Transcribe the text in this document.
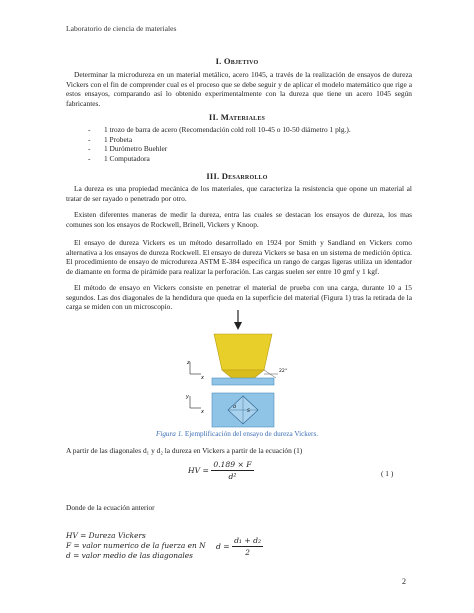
Laboratorio de ciencia de materiales
I. Objetivo

Determinar la microdureza en un material metálico, acero 1045, a través de la realización de ensayos de dureza Vickers con el fin de comprender cual es el proceso que se debe seguir y de aplicar el modelo matemático que rige a estos ensayos, comparando así lo obtenido experimentalmente con la dureza que tiene un acero 1045 según fabricantes.

II. Materiales
- 1 trozo de barra de acero (Recomendación cold roll 10-45 o 10-50 diámetro 1 plg.).
- 1 Probeta
- 1 Durómetro Buehler
- 1 Computadora
III. Desarrollo

La dureza es una propiedad mecánica de los materiales, que caracteriza la resistencia que opone un material al tratar de ser rayado o penetrado por otro.

Existen diferentes maneras de medir la dureza, entra las cuales se destacan los ensayos de dureza, los mas comunes son los ensayos de Rockwell, Brinell, Vickers y Knoop.

El ensayo de dureza Vickers es un método desarrollado en 1924 por Smith y Sandland en Vickers como alternativa a los ensayos de dureza Rockwell. El ensayo de dureza Vickers se basa en un sistema de medición óptica. El procedimiento de ensayo de microdureza ASTM E-384 especifica un rango de cargas ligeras utiliza un identador de diamante en forma de pirámide para realizar la perforación. Las cargas suelen ser entre 10 gmf y 1 kgf.

El método de ensayo en Vickers consiste en penetrar el material de prueba con una carga, durante 10 a 15 segundos. Las dos diagonales de la hendidura que queda en la superficie del material (Figura 1) tras la retirada de la carga se miden con un microscopio.

z
x
22°
y
x
d
S
Figura 1. Ejemplificación del ensayo de dureza Vickers.
A partir de las diagonales d₁ y d₂ la dureza en Vickers a partir de la ecuación (1)
HV = $\frac{0.189 \times F}{\text{d²}}$	( 1 )
Donde de la ecuación anterior
HV = Dureza Vickers
F = valor numerico de la fuerza en N
d = valor medio de las diagonales
$d = \frac{\text{d₁ + d₂}}{2}$
2
